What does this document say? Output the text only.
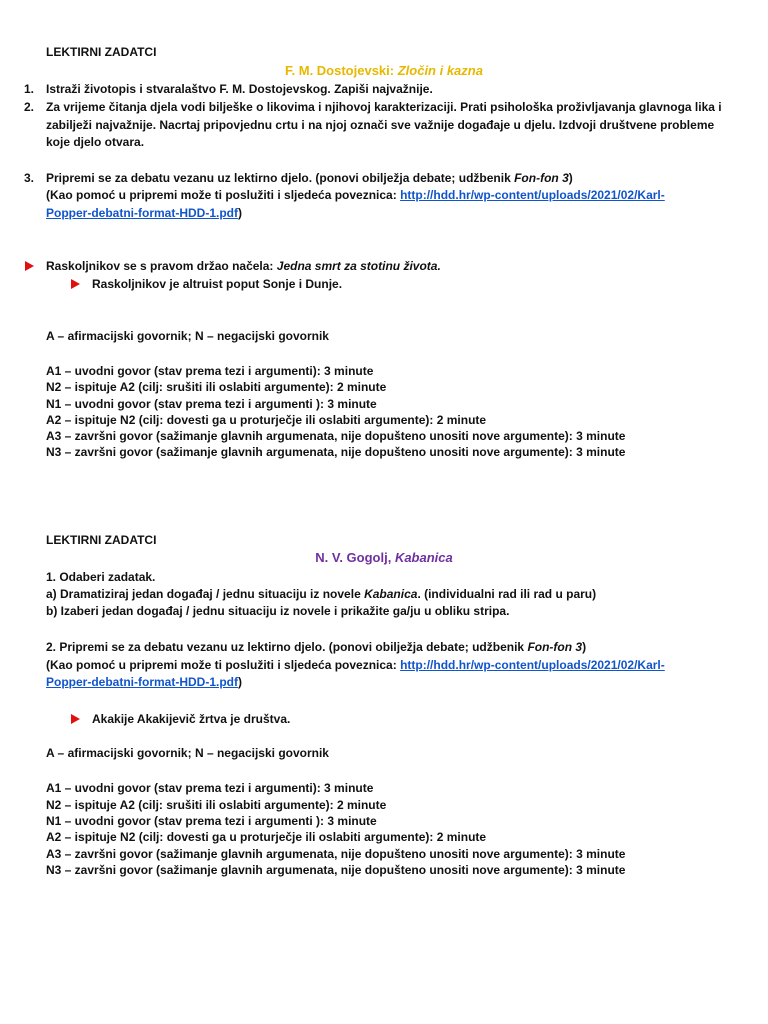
LEKTIRNI ZADATCI
F. M. Dostojevski: Zločin i kazna
1. Istraži životopis i stvaralaštvo F. M. Dostojevskog. Zapiši najvažnije.
2. Za vrijeme čitanja djela vodi bilješke o likovima i njihovoj karakterizaciji. Prati psihološka proživljavanja glavnoga lika i
zabilježi najvažnije. Nacrtaj pripovjednu crtu i na njoj označi sve važnije događaje u djelu. Izdvoji društvene probleme
koje djelo otvara.
3. Pripremi se za debatu vezanu uz lektirno djelo. (ponovi obilježja debate; udžbenik Fon-fon 3)
(Kao pomoć u pripremi može ti poslužiti i sljedeća poveznica: http://hdd.hr/wp-content/uploads/2021/02/Karl-
Popper-debatni-format-HDD-1.pdf)
Raskoljnikov se s pravom držao načela: Jedna smrt za stotinu života.
Raskoljnikov je altruist poput Sonje i Dunje.
A – afirmacijski govornik; N – negacijski govornik
A1 – uvodni govor (stav prema tezi i argumenti): 3 minute
N2 – ispituje A2 (cilj: srušiti ili oslabiti argumente): 2 minute
N1 – uvodni govor (stav prema tezi i argumenti ): 3 minute
A2 – ispituje N2 (cilj: dovesti ga u proturječje ili oslabiti argumente): 2 minute
A3 – završni govor (sažimanje glavnih argumenata, nije dopušteno unositi nove argumente): 3 minute
N3 – završni govor (sažimanje glavnih argumenata, nije dopušteno unositi nove argumente): 3 minute
LEKTIRNI ZADATCI
N. V. Gogolj, Kabanica
1. Odaberi zadatak.
a) Dramatiziraj jedan događaj / jednu situaciju iz novele Kabanica. (individualni rad ili rad u paru)
b) Izaberi jedan događaj / jednu situaciju iz novele i prikažite ga/ju u obliku stripa.
2. Pripremi se za debatu vezanu uz lektirno djelo. (ponovi obilježja debate; udžbenik Fon-fon 3)
(Kao pomoć u pripremi može ti poslužiti i sljedeća poveznica: http://hdd.hr/wp-content/uploads/2021/02/Karl-
Popper-debatni-format-HDD-1.pdf)
Akakije Akakijevič žrtva je društva.
A – afirmacijski govornik; N – negacijski govornik
A1 – uvodni govor (stav prema tezi i argumenti): 3 minute
N2 – ispituje A2 (cilj: srušiti ili oslabiti argumente): 2 minute
N1 – uvodni govor (stav prema tezi i argumenti ): 3 minute
A2 – ispituje N2 (cilj: dovesti ga u proturječje ili oslabiti argumente): 2 minute
A3 – završni govor (sažimanje glavnih argumenata, nije dopušteno unositi nove argumente): 3 minute
N3 – završni govor (sažimanje glavnih argumenata, nije dopušteno unositi nove argumente): 3 minute
